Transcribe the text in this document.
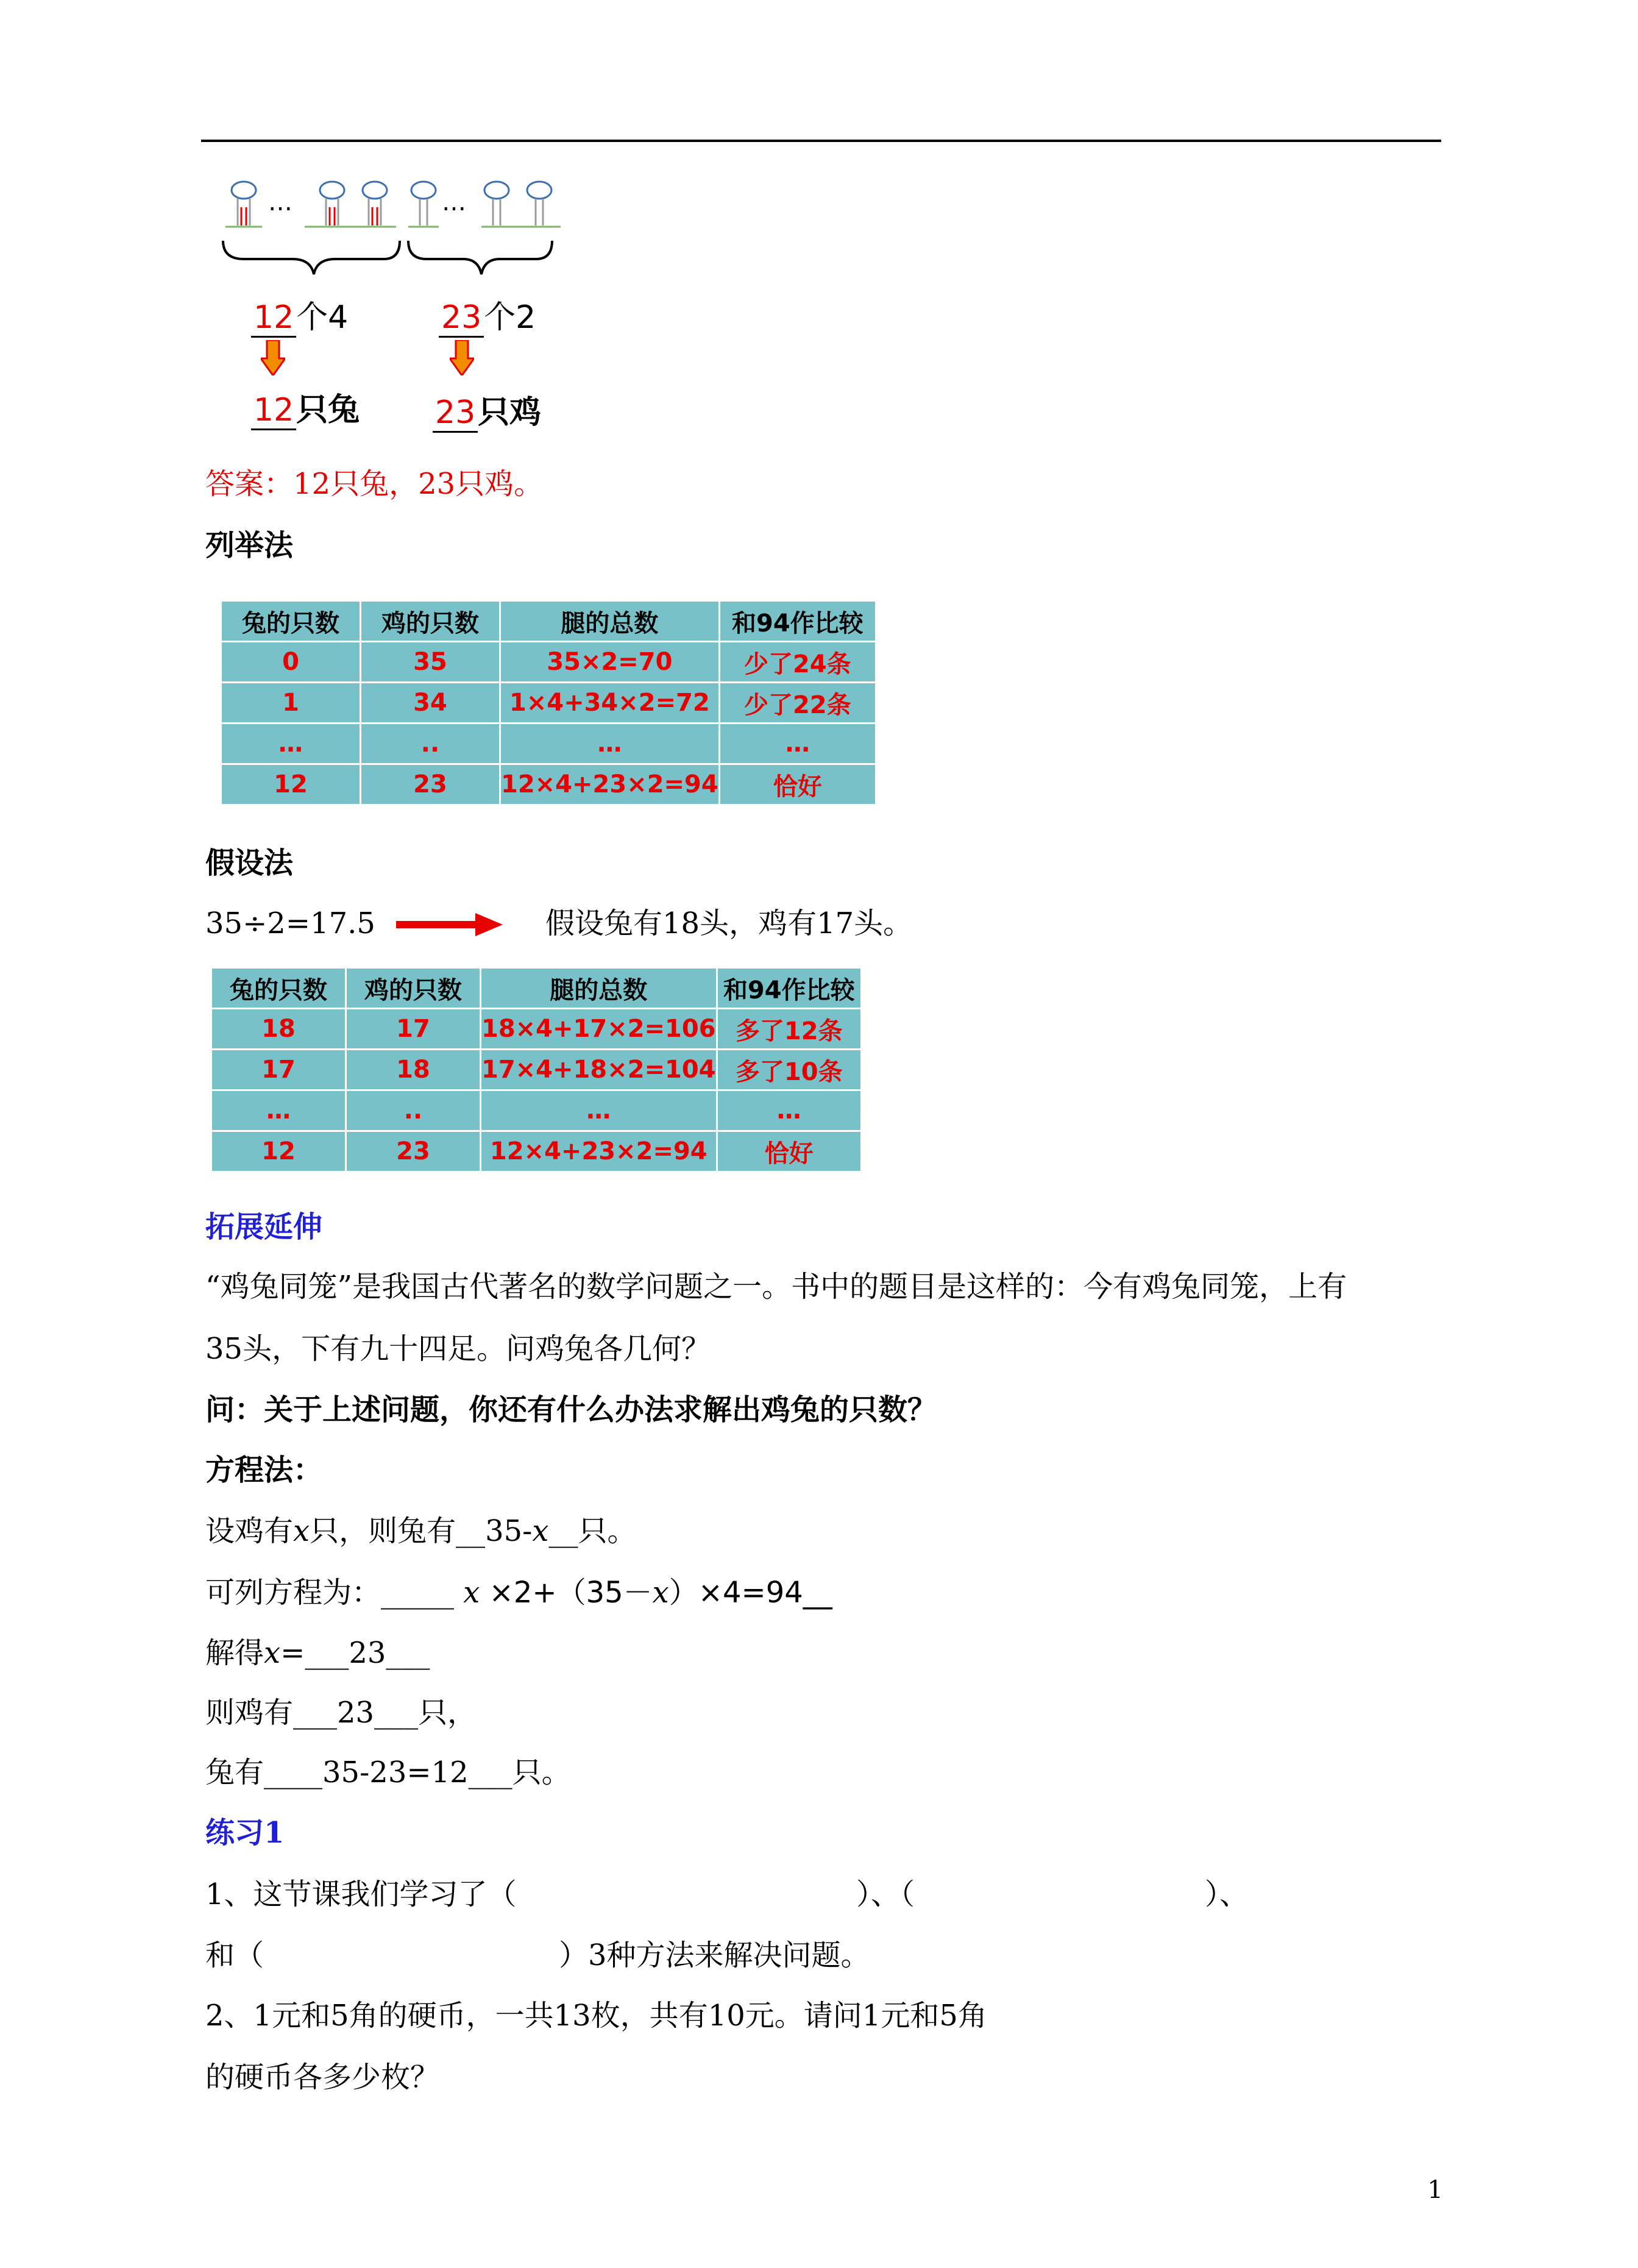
…	…
12个4	23个2
12只兔 23只鸡
答案：12只兔，23只鸡。
列举法
兔的只数	鸡的只数	腿的总数	和94作比较
0	35	35×2=70	少了24条
1	34	1×4+34×2=72	少了22条
…	..	…	…
12	23	12×4+23×2=94	恰好
假设法
35÷2=17.5	假设兔有18头，鸡有17头。
兔的只数	鸡的只数	腿的总数	和94作比较
18	17	18×4+17×2=106	多了12条
17	18	17×4+18×2=104	多了10条
…	..	…	…
12	23	12×4+23×2=94	恰好
拓展延伸
“鸡兔同笼”是我国古代著名的数学问题之一。书中的题目是这样的：今有鸡兔同笼，上有
35头，下有九十四足。问鸡兔各几何？
问：关于上述问题，你还有什么办法求解出鸡兔的只数？
方程法：
设鸡有x只，则兔有__35-x__只。
可列方程为：_____ x ×2+（35－x）×4=94__
解得x=___23___
则鸡有___23___只，
兔有____35-23=12___只。
练习1
1、这节课我们学习了（	）、（	）、
和（	）3种方法来解决问题。
2、1元和5角的硬币，一共13枚，共有10元。请问1元和5角
的硬币各多少枚？
1
